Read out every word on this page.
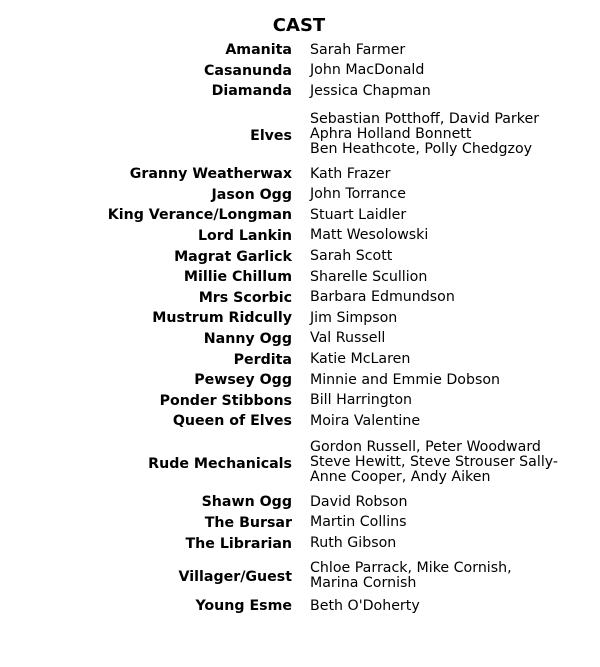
CAST
Amanita Sarah Farmer
Casanunda John MacDonald
Diamanda Jessica Chapman
Elves
Sebastian Potthoff, David Parker
Aphra Holland Bonnett
Ben Heathcote, Polly Chedgzoy
Granny Weatherwax Kath Frazer
Jason Ogg John Torrance
King Verance/Longman Stuart Laidler
Lord Lankin Matt Wesolowski
Magrat Garlick Sarah Scott
Millie Chillum Sharelle Scullion
Mrs Scorbic Barbara Edmundson
Mustrum Ridcully Jim Simpson
Nanny Ogg Val Russell
Perdita Katie McLaren
Pewsey Ogg Minnie and Emmie Dobson
Ponder Stibbons Bill Harrington
Queen of Elves Moira Valentine
Rude Mechanicals
Gordon Russell, Peter Woodward
Steve Hewitt, Steve Strouser Sally-
Anne Cooper, Andy Aiken
Shawn Ogg David Robson
The Bursar Martin Collins
The Librarian Ruth Gibson
Villager/Guest
Chloe Parrack, Mike Cornish,
Marina Cornish
Young Esme Beth O'Doherty
